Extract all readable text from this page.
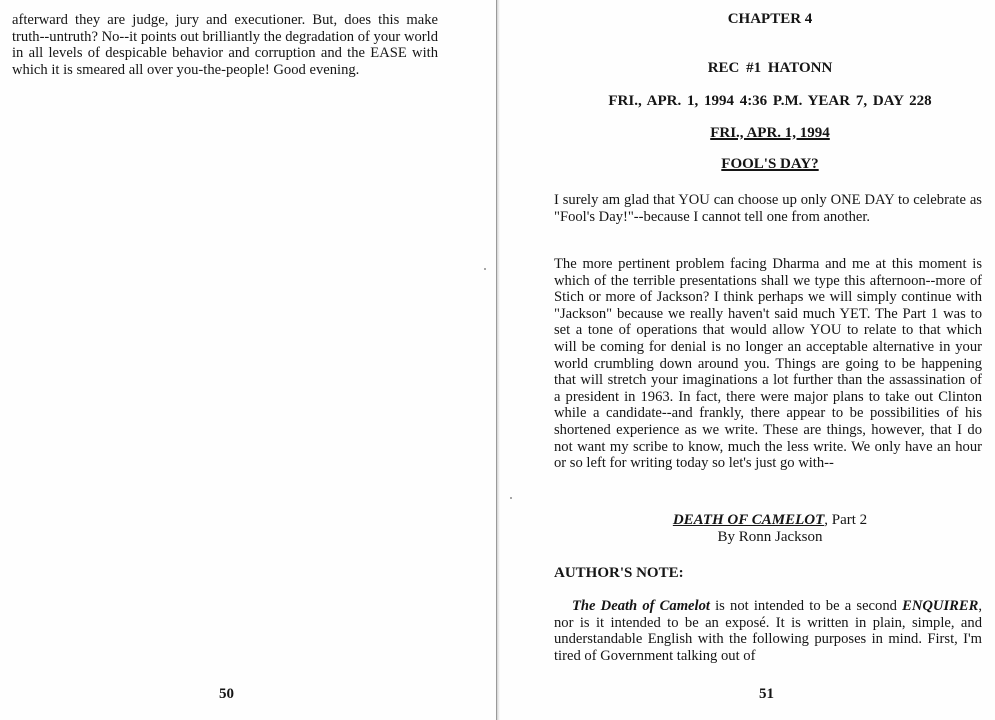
afterward they are judge, jury and executioner. But, does this make truth--untruth? No--it points out brilliantly the degradation of your world in all levels of despicable behavior and corruption and the EASE with which it is smeared all over you-the-people! Good evening.

50

CHAPTER 4

REC #1 HATONN

FRI., APR. 1, 1994 4:36 P.M. YEAR 7, DAY 228

FRI., APR. 1, 1994

FOOL'S DAY?

I surely am glad that YOU can choose up only ONE DAY to celebrate as "Fool's Day!"--because I cannot tell one from another.

The more pertinent problem facing Dharma and me at this moment is which of the terrible presentations shall we type this afternoon--more of Stich or more of Jackson? I think perhaps we will simply continue with "Jackson" because we really haven't said much YET. The Part 1 was to set a tone of operations that would allow YOU to relate to that which will be coming for denial is no longer an acceptable alternative in your world crumbling down around you. Things are going to be happening that will stretch your imaginations a lot further than the assassination of a president in 1963. In fact, there were major plans to take out Clinton while a candidate--and frankly, there appear to be possibilities of his shortened experience as we write. These are things, however, that I do not want my scribe to know, much the less write. We only have an hour or so left for writing today so let's just go with--

DEATH OF CAMELOT, Part 2
By Ronn Jackson

AUTHOR'S NOTE:

The Death of Camelot is not intended to be a second ENQUIRER, nor is it intended to be an exposé. It is written in plain, simple, and understandable English with the following purposes in mind. First, I'm tired of Government talking out of

51
